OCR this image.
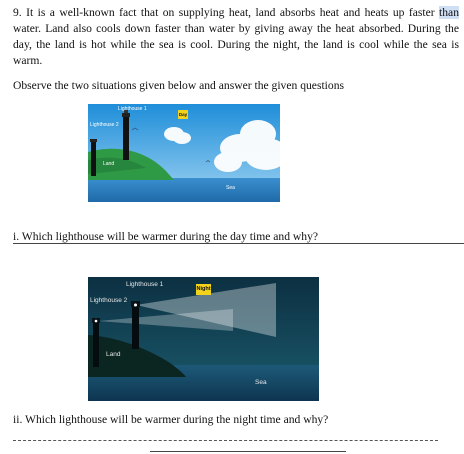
9. It is a well-known fact that on supplying heat, land absorbs heat and heats up faster than water. Land also cools down faster than water by giving away the heat absorbed. During the day, the land is hot while the sea is cool. During the night, the land is cool while the sea is warm.

Observe the two situations given below and answer the given questions

Lighthouse 1
Lighthouse 2
Day
Land
Sea

i. Which lighthouse will be warmer during the day time and why?

Lighthouse 1
Lighthouse 2
Night
Land
Sea

ii. Which lighthouse will be warmer during the night time and why?
